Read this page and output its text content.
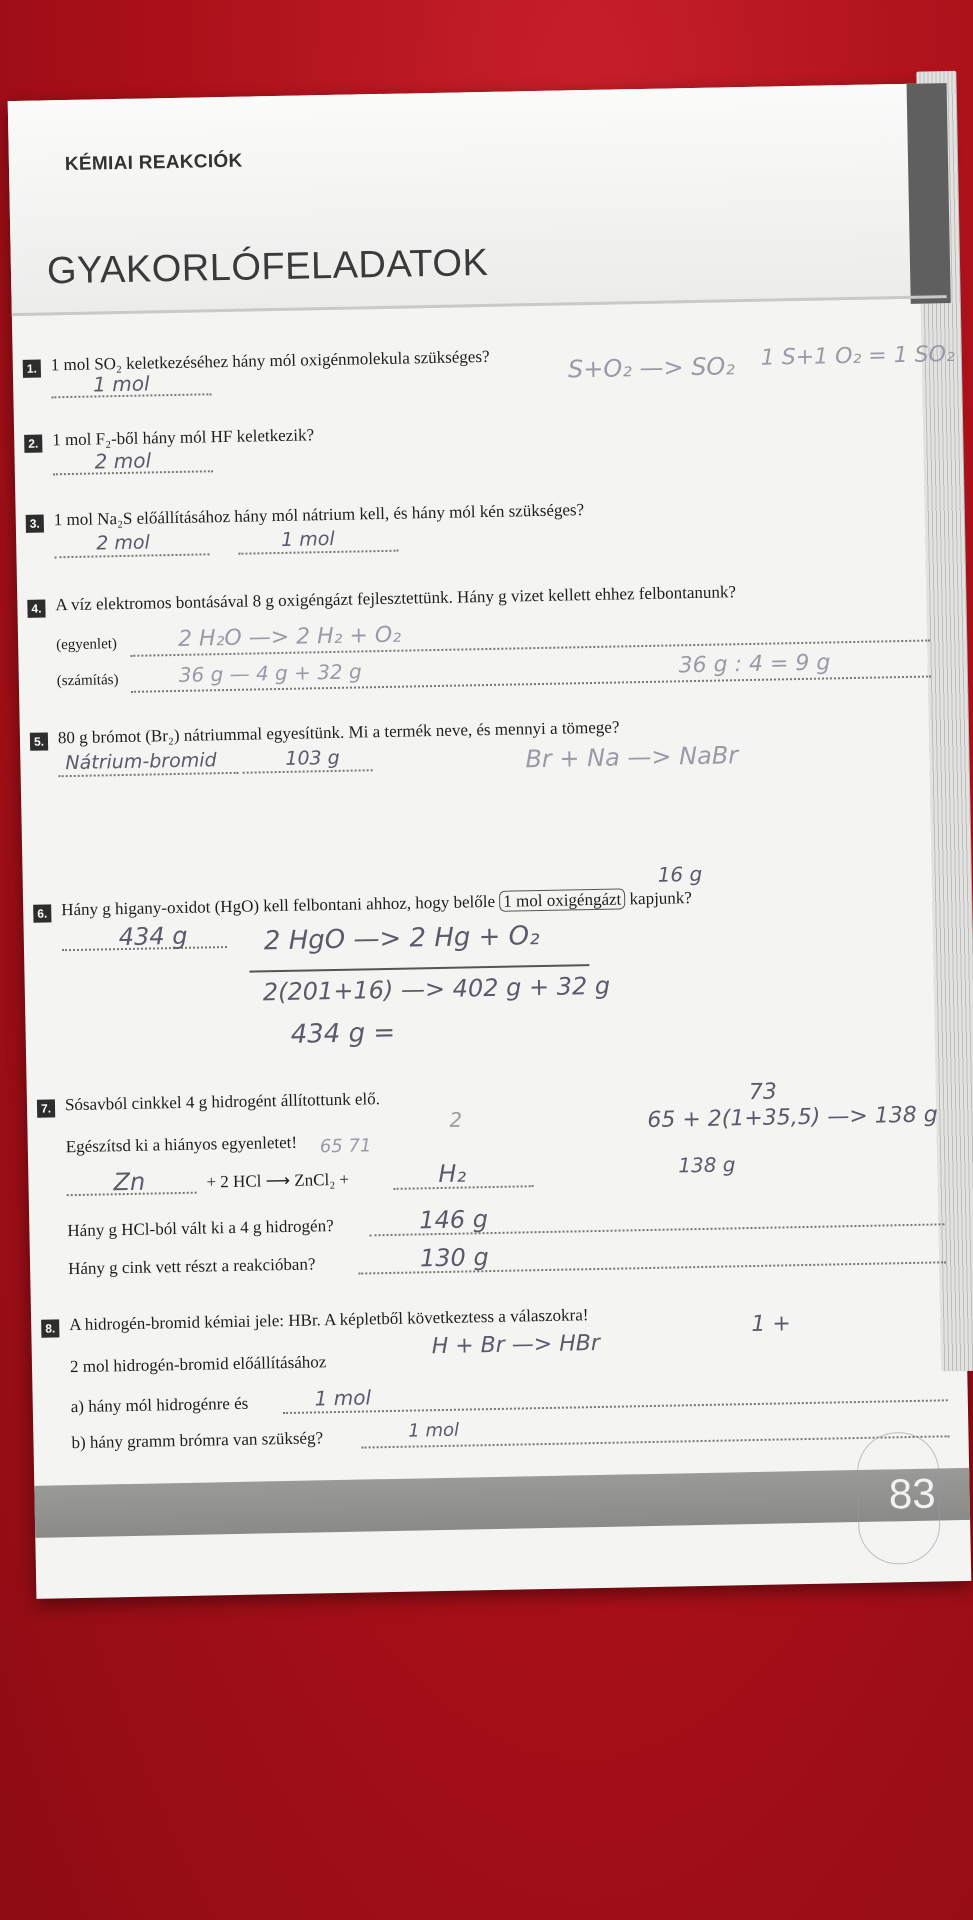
KÉMIAI REAKCIÓK
GYAKORLÓFELADATOK
1. 1 mol SO₂ keletkezéséhez hány mól oxigénmolekula szükséges?
1 mol
S+O₂ —> SO₂ 1 S+1 O₂ = 1 SO₂
2. 1 mol F₂-ből hány mól HF keletkezik?
2 mol
3. 1 mol Na₂S előállításához hány mól nátrium kell, és hány mól kén szükséges?
2 mol	1 mol
4. A víz elektromos bontásával 8 g oxigéngázt fejlesztettünk. Hány g vizet kellett ehhez felbontanunk?
(egyenlet)	2 H₂O —> 2 H₂ + O₂
(számítás)	36 g — 4 g + 32 g	36 g : 4 = 9 g
5. 80 g brómot (Br₂) nátriummal egyesítünk. Mi a termék neve, és mennyi a tömege?
Nátrium-bromid	103 g	Br + Na —> NaBr
6. Hány g higany-oxidot (HgO) kell felbontani ahhoz, hogy belőle 1 mol oxigéngázt kapjunk?
16 g
434 g	2 HgO —> 2 Hg + O₂
2(201+16) —> 402 g + 32 g
434 g =
7. Sósavból cinkkel 4 g hidrogént állítottunk elő.
Egészítsd ki a hiányos egyenletet! 65 71
2
Zn	+ 2 HCl ⟶ ZnCl₂ +	H₂
73
65 + 2(1+35,5) —> 138 g
138 g
Hány g HCl-ból vált ki a 4 g hidrogén?	146 g
Hány g cink vett részt a reakcióban?	130 g
8. A hidrogén-bromid kémiai jele: HBr. A képletből következtess a válaszokra!
2 mol hidrogén-bromid előállításához
H + Br —> HBr
1 +
a) hány mól hidrogénre és	1 mol
b) hány gramm brómra van szükség?	1 mol
83
